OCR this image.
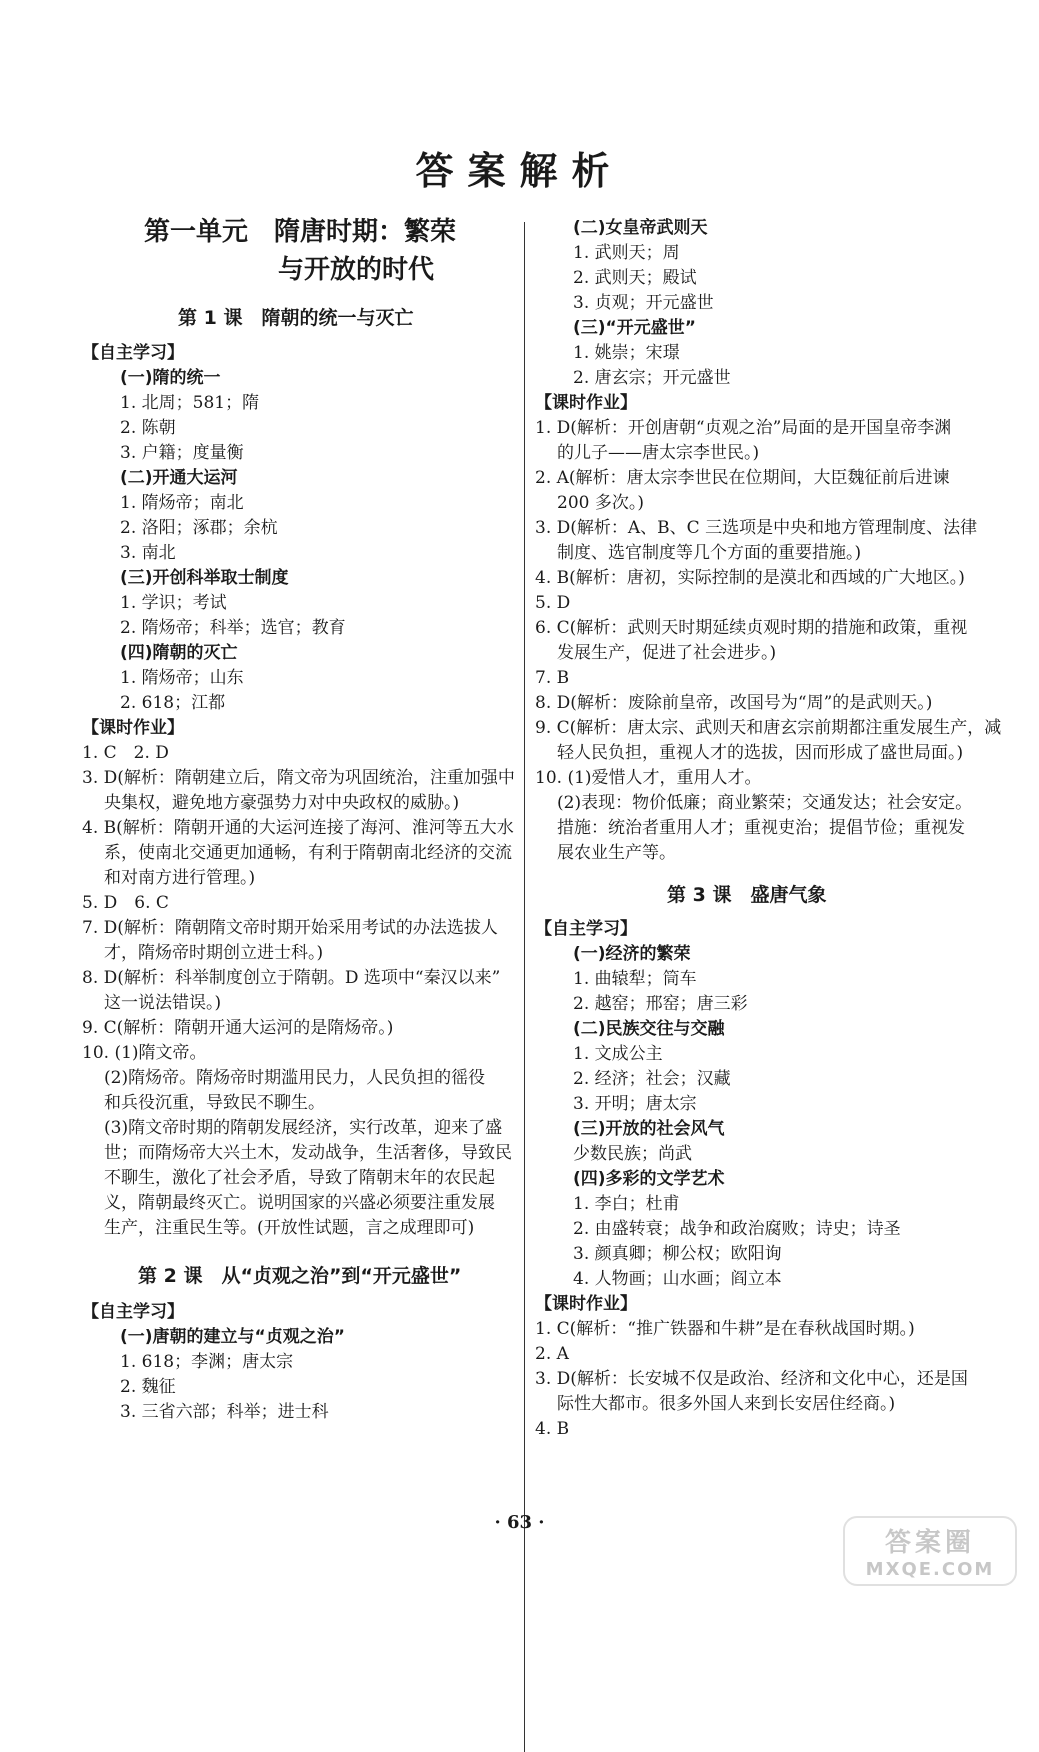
答案解析
第一单元　隋唐时期：繁荣
与开放的时代
第 1 课　隋朝的统一与灭亡
【自主学习】
(一)隋的统一
1. 北周；581；隋
2. 陈朝
3. 户籍；度量衡
(二)开通大运河
1. 隋炀帝；南北
2. 洛阳；涿郡；余杭
3. 南北
(三)开创科举取士制度
1. 学识；考试
2. 隋炀帝；科举；选官；教育
(四)隋朝的灭亡
1. 隋炀帝；山东
2. 618；江都
【课时作业】
1. C　2. D
3. D(解析：隋朝建立后，隋文帝为巩固统治，注重加强中
央集权，避免地方豪强势力对中央政权的威胁。)
4. B(解析：隋朝开通的大运河连接了海河、淮河等五大水
系，使南北交通更加通畅，有利于隋朝南北经济的交流
和对南方进行管理。)
5. D　6. C
7. D(解析：隋朝隋文帝时期开始采用考试的办法选拔人
才，隋炀帝时期创立进士科。)
8. D(解析：科举制度创立于隋朝。D 选项中“秦汉以来”
这一说法错误。)
9. C(解析：隋朝开通大运河的是隋炀帝。)
10. (1)隋文帝。
(2)隋炀帝。隋炀帝时期滥用民力，人民负担的徭役
和兵役沉重，导致民不聊生。
(3)隋文帝时期的隋朝发展经济，实行改革，迎来了盛
世；而隋炀帝大兴土木，发动战争，生活奢侈，导致民
不聊生，激化了社会矛盾，导致了隋朝末年的农民起
义，隋朝最终灭亡。说明国家的兴盛必须要注重发展
生产，注重民生等。(开放性试题，言之成理即可)
第 2 课　从“贞观之治”到“开元盛世”
【自主学习】
(一)唐朝的建立与“贞观之治”
1. 618；李渊；唐太宗
2. 魏征
3. 三省六部；科举；进士科
(二)女皇帝武则天
1. 武则天；周
2. 武则天；殿试
3. 贞观；开元盛世
(三)“开元盛世”
1. 姚崇；宋璟
2. 唐玄宗；开元盛世
【课时作业】
1. D(解析：开创唐朝“贞观之治”局面的是开国皇帝李渊
的儿子——唐太宗李世民。)
2. A(解析：唐太宗李世民在位期间，大臣魏征前后进谏
200 多次。)
3. D(解析：A、B、C 三选项是中央和地方管理制度、法律
制度、选官制度等几个方面的重要措施。)
4. B(解析：唐初，实际控制的是漠北和西域的广大地区。)
5. D
6. C(解析：武则天时期延续贞观时期的措施和政策，重视
发展生产，促进了社会进步。)
7. B
8. D(解析：废除前皇帝，改国号为“周”的是武则天。)
9. C(解析：唐太宗、武则天和唐玄宗前期都注重发展生产，减
轻人民负担，重视人才的选拔，因而形成了盛世局面。)
10. (1)爱惜人才，重用人才。
(2)表现：物价低廉；商业繁荣；交通发达；社会安定。
措施：统治者重用人才；重视吏治；提倡节俭；重视发
展农业生产等。
第 3 课　盛唐气象
【自主学习】
(一)经济的繁荣
1. 曲辕犁；筒车
2. 越窑；邢窑；唐三彩
(二)民族交往与交融
1. 文成公主
2. 经济；社会；汉藏
3. 开明；唐太宗
(三)开放的社会风气
少数民族；尚武
(四)多彩的文学艺术
1. 李白；杜甫
2. 由盛转衰；战争和政治腐败；诗史；诗圣
3. 颜真卿；柳公权；欧阳询
4. 人物画；山水画；阎立本
【课时作业】
1. C(解析：“推广铁器和牛耕”是在春秋战国时期。)
2. A
3. D(解析：长安城不仅是政治、经济和文化中心，还是国
际性大都市。很多外国人来到长安居住经商。)
4. B
· 63 ·
答案圈
MXQE.COM
